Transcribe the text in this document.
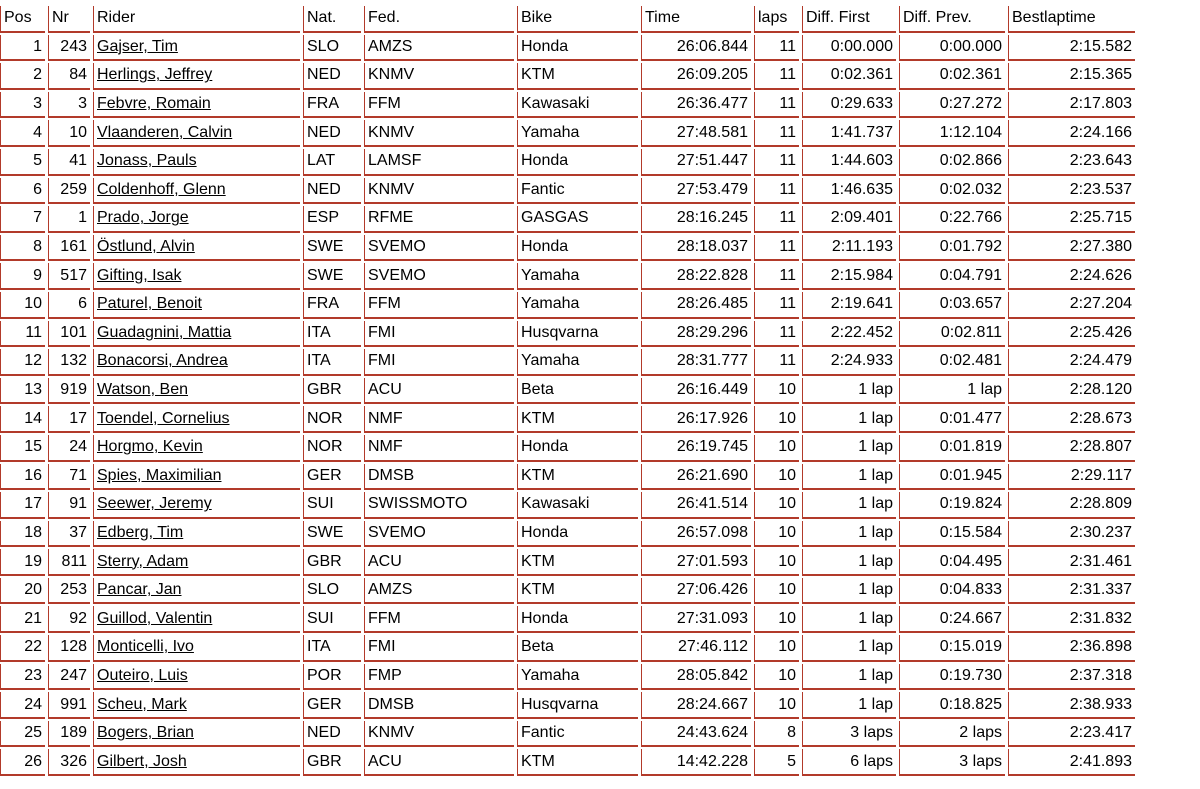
Pos	Nr	Rider	Nat.	Fed.	Bike	Time	laps	Diff. First	Diff. Prev.	Bestlaptime
1	243	Gajser, Tim	SLO	AMZS	Honda	26:06.844	11	0:00.000	0:00.000	2:15.582
2	84	Herlings, Jeffrey	NED	KNMV	KTM	26:09.205	11	0:02.361	0:02.361	2:15.365
3	3	Febvre, Romain	FRA	FFM	Kawasaki	26:36.477	11	0:29.633	0:27.272	2:17.803
4	10	Vlaanderen, Calvin	NED	KNMV	Yamaha	27:48.581	11	1:41.737	1:12.104	2:24.166
5	41	Jonass, Pauls	LAT	LAMSF	Honda	27:51.447	11	1:44.603	0:02.866	2:23.643
6	259	Coldenhoff, Glenn	NED	KNMV	Fantic	27:53.479	11	1:46.635	0:02.032	2:23.537
7	1	Prado, Jorge	ESP	RFME	GASGAS	28:16.245	11	2:09.401	0:22.766	2:25.715
8	161	Östlund, Alvin	SWE	SVEMO	Honda	28:18.037	11	2:11.193	0:01.792	2:27.380
9	517	Gifting, Isak	SWE	SVEMO	Yamaha	28:22.828	11	2:15.984	0:04.791	2:24.626
10	6	Paturel, Benoit	FRA	FFM	Yamaha	28:26.485	11	2:19.641	0:03.657	2:27.204
11	101	Guadagnini, Mattia	ITA	FMI	Husqvarna	28:29.296	11	2:22.452	0:02.811	2:25.426
12	132	Bonacorsi, Andrea	ITA	FMI	Yamaha	28:31.777	11	2:24.933	0:02.481	2:24.479
13	919	Watson, Ben	GBR	ACU	Beta	26:16.449	10	1 lap	1 lap	2:28.120
14	17	Toendel, Cornelius	NOR	NMF	KTM	26:17.926	10	1 lap	0:01.477	2:28.673
15	24	Horgmo, Kevin	NOR	NMF	Honda	26:19.745	10	1 lap	0:01.819	2:28.807
16	71	Spies, Maximilian	GER	DMSB	KTM	26:21.690	10	1 lap	0:01.945	2:29.117
17	91	Seewer, Jeremy	SUI	SWISSMOTO	Kawasaki	26:41.514	10	1 lap	0:19.824	2:28.809
18	37	Edberg, Tim	SWE	SVEMO	Honda	26:57.098	10	1 lap	0:15.584	2:30.237
19	811	Sterry, Adam	GBR	ACU	KTM	27:01.593	10	1 lap	0:04.495	2:31.461
20	253	Pancar, Jan	SLO	AMZS	KTM	27:06.426	10	1 lap	0:04.833	2:31.337
21	92	Guillod, Valentin	SUI	FFM	Honda	27:31.093	10	1 lap	0:24.667	2:31.832
22	128	Monticelli, Ivo	ITA	FMI	Beta	27:46.112	10	1 lap	0:15.019	2:36.898
23	247	Outeiro, Luis	POR	FMP	Yamaha	28:05.842	10	1 lap	0:19.730	2:37.318
24	991	Scheu, Mark	GER	DMSB	Husqvarna	28:24.667	10	1 lap	0:18.825	2:38.933
25	189	Bogers, Brian	NED	KNMV	Fantic	24:43.624	8	3 laps	2 laps	2:23.417
26	326	Gilbert, Josh	GBR	ACU	KTM	14:42.228	5	6 laps	3 laps	2:41.893
